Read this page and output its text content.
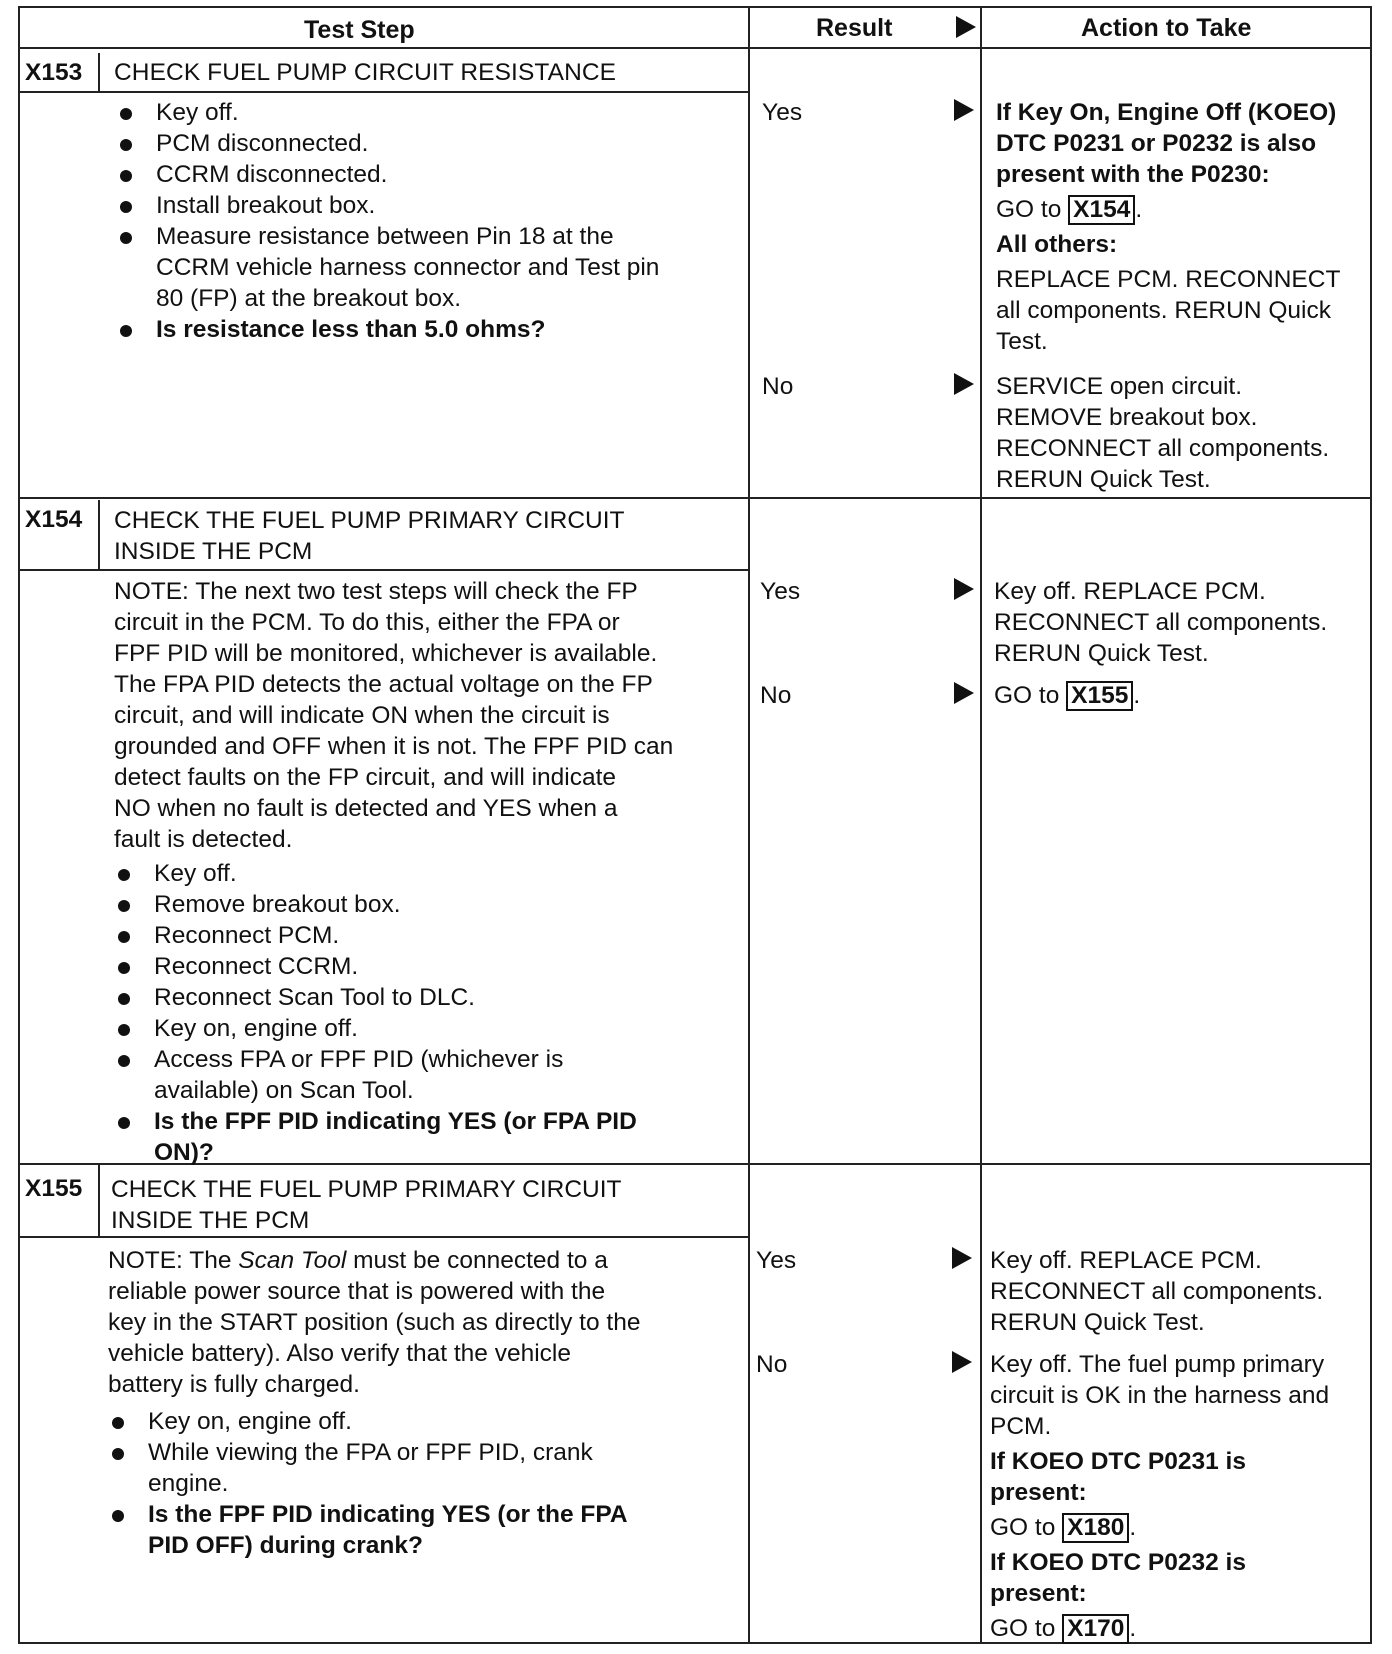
Test Step	Result	Action to Take
X153 CHECK FUEL PUMP CIRCUIT RESISTANCE
Key off.
PCM disconnected.
CCRM disconnected.
Install breakout box.
Measure resistance between Pin 18 at the
CCRM vehicle harness connector and Test pin
80 (FP) at the breakout box.
Is resistance less than 5.0 ohms?
Yes	If Key On, Engine Off (KOEO)
DTC P0231 or P0232 is also
present with the P0230:
GO to X154 .
All others:
REPLACE PCM. RECONNECT
all components. RERUN Quick
Test.
No	SERVICE open circuit.
REMOVE breakout box.
RECONNECT all components.
RERUN Quick Test.
X154 CHECK THE FUEL PUMP PRIMARY CIRCUIT
INSIDE THE PCM
NOTE: The next two test steps will check the FP
circuit in the PCM. To do this, either the FPA or
FPF PID will be monitored, whichever is available.
The FPA PID detects the actual voltage on the FP
circuit, and will indicate ON when the circuit is
grounded and OFF when it is not. The FPF PID can
detect faults on the FP circuit, and will indicate
NO when no fault is detected and YES when a
fault is detected.
Key off.
Remove breakout box.
Reconnect PCM.
Reconnect CCRM.
Reconnect Scan Tool to DLC.
Key on, engine off.
Access FPA or FPF PID (whichever is
available) on Scan Tool.
Is the FPF PID indicating YES (or FPA PID
ON)?
Yes	Key off. REPLACE PCM.
RECONNECT all components.
RERUN Quick Test.
No	GO to X155 .
X155 CHECK THE FUEL PUMP PRIMARY CIRCUIT
INSIDE THE PCM
NOTE: The Scan Tool must be connected to a
reliable power source that is powered with the
key in the START position (such as directly to the
vehicle battery). Also verify that the vehicle
battery is fully charged.
Key on, engine off.
While viewing the FPA or FPF PID, crank
engine.
Is the FPF PID indicating YES (or the FPA
PID OFF) during crank?
Yes	Key off. REPLACE PCM.
RECONNECT all components.
RERUN Quick Test.
No	Key off. The fuel pump primary
circuit is OK in the harness and
PCM.
If KOEO DTC P0231 is
present:
GO to X180 .
If KOEO DTC P0232 is
present:
GO to X170 .
